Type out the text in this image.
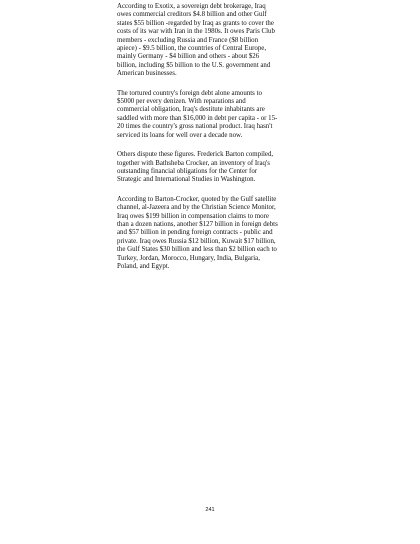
According to Exotix, a sovereign debt brokerage, Iraq
owes commercial creditors $4.8 billion and other Gulf
states $55 billion -regarded by Iraq as grants to cover the
costs of its war with Iran in the 1980s. It owes Paris Club
members - excluding Russia and France ($8 billion
apiece) - $9.5 billion, the countries of Central Europe,
mainly Germany - $4 billion and others - about $26
billion, including $5 billion to the U.S. government and
American businesses.

The tortured country's foreign debt alone amounts to
$5000 per every denizen. With reparations and
commercial obligation, Iraq's destitute inhabitants are
saddled with more than $16,000 in debt per capita - or 15-
20 times the country's gross national product. Iraq hasn't
serviced its loans for well over a decade now.

Others dispute these figures. Frederick Barton compiled,
together with Bathsheba Crocker, an inventory of Iraq's
outstanding financial obligations for the Center for
Strategic and International Studies in Washington.

According to Barton-Crocker, quoted by the Gulf satellite
channel, al-Jazeera and by the Christian Science Monitor,
Iraq owes $199 billion in compensation claims to more
than a dozen nations, another $127 billion in foreign debts
and $57 billion in pending foreign contracts - public and
private. Iraq owes Russia $12 billion, Kuwait $17 billion,
the Gulf States $30 billion and less than $2 billion each to
Turkey, Jordan, Morocco, Hungary, India, Bulgaria,
Poland, and Egypt.

241
